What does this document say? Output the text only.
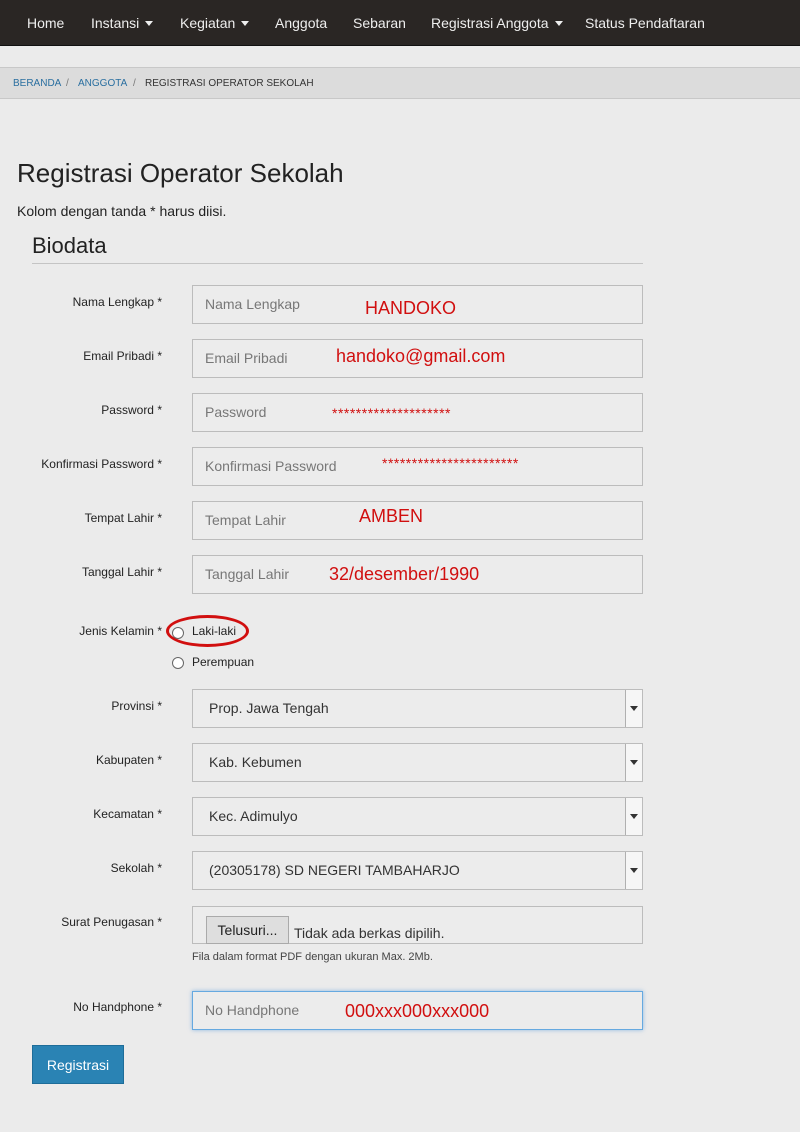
Home Instansi	Kegiatan	Anggota Sebaran Registrasi Anggota	Status Pendaftaran
BERANDA / ANGGOTA / REGISTRASI OPERATOR SEKOLAH
Registrasi Operator Sekolah
Kolom dengan tanda * harus diisi.
Biodata
Nama Lengkap *	Nama Lengkap	HANDOKO
Email Pribadi *	Email Pribadi	handoko@gmail.com
Password *	Password	********************
Konfirmasi Password *	Konfirmasi Password	***********************
Tempat Lahir *	Tempat Lahir	AMBEN
Tanggal Lahir *	Tanggal Lahir 32/desember/1990
Jenis Kelamin *	Laki-laki
Perempuan
Provinsi *	Prop. Jawa Tengah
Kabupaten *	Kab. Kebumen
Kecamatan *	Kec. Adimulyo
Sekolah *	(20305178) SD NEGERI TAMBAHARJO
Surat Penugasan *	Telusuri...	Tidak ada berkas dipilih.
Fila dalam format PDF dengan ukuran Max. 2Mb.
No Handphone *	No Handphone	000xxx000xxx000
Registrasi
